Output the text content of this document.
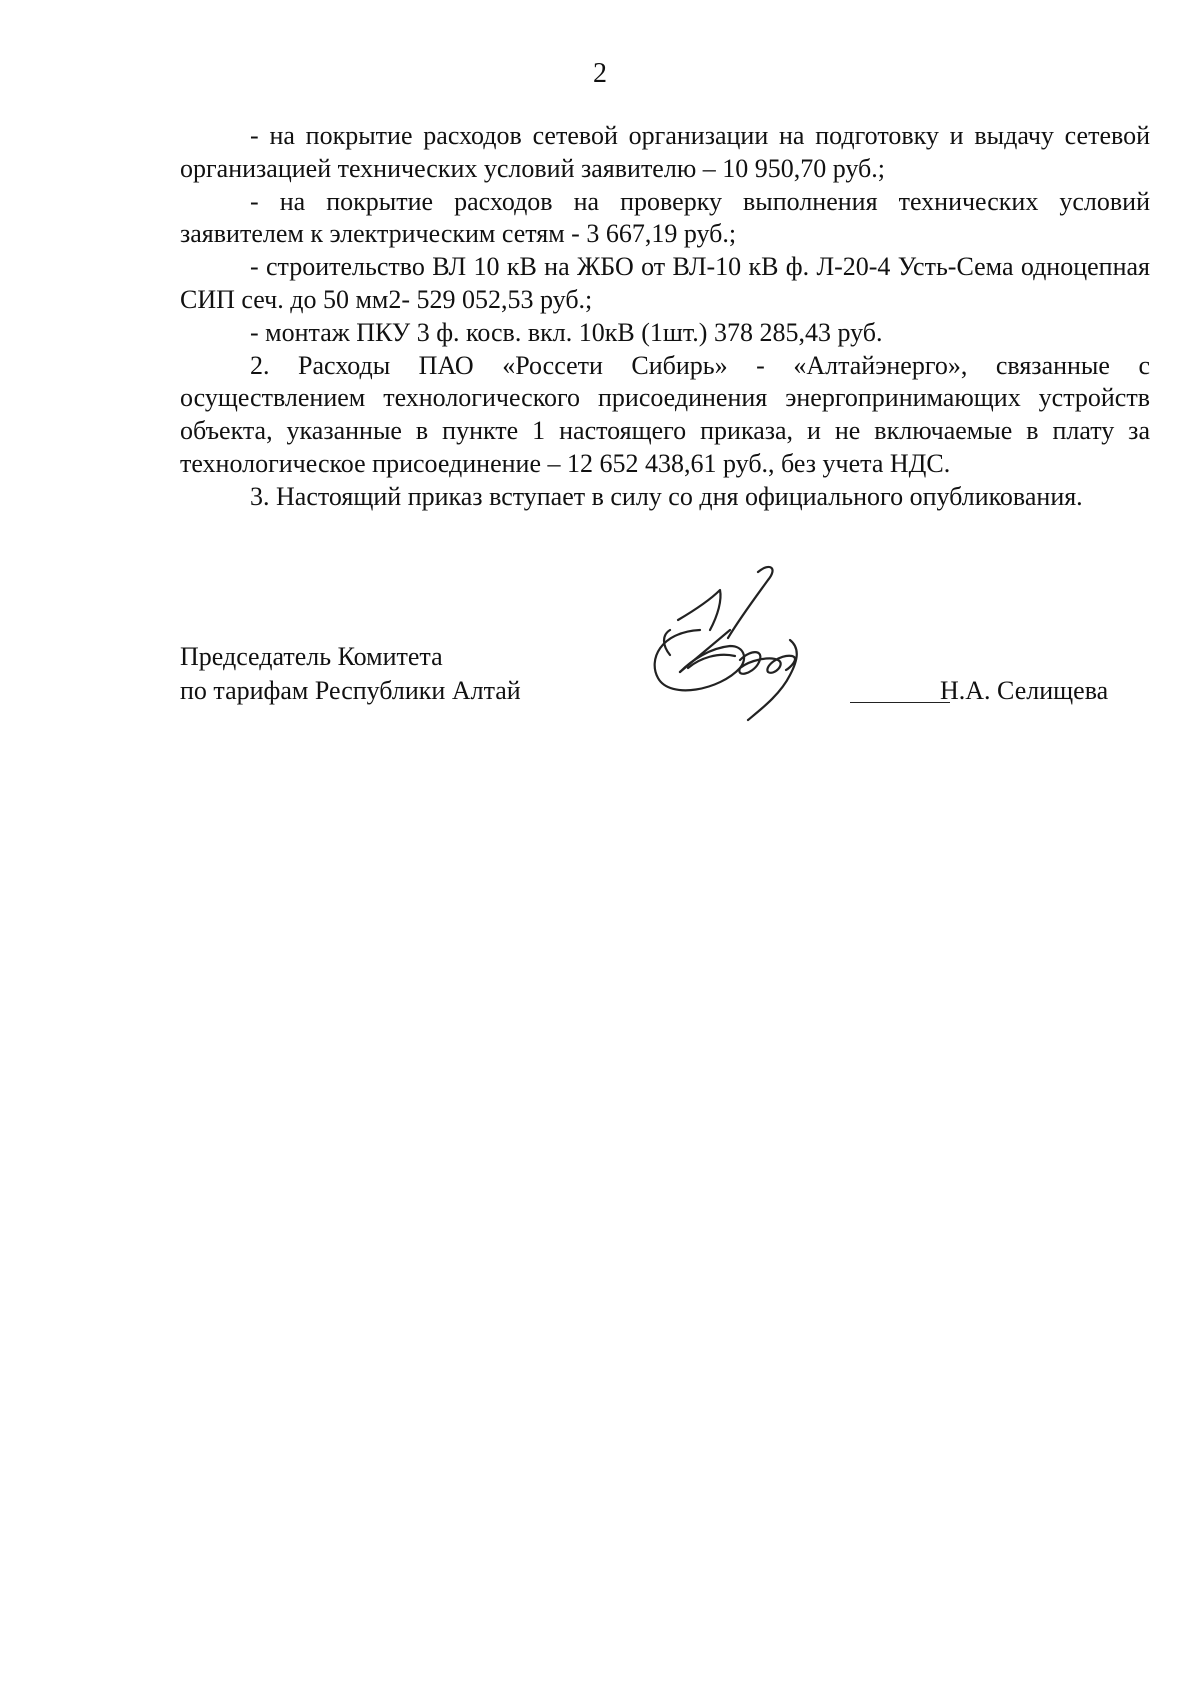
2

- на покрытие расходов сетевой организации на подготовку и выдачу сетевой организацией технических условий заявителю – 10 950,70 руб.;

- на покрытие расходов на проверку выполнения технических условий заявителем к электрическим сетям - 3 667,19 руб.;

- строительство ВЛ 10 кВ на ЖБО от ВЛ-10 кВ ф. Л-20-4 Усть-Сема одноцепная СИП сеч. до 50 мм2- 529 052,53 руб.;

- монтаж ПКУ 3 ф. косв. вкл. 10кВ (1шт.) 378 285,43 руб.

2. Расходы ПАО «Россети Сибирь» - «Алтайэнерго», связанные с осуществлением технологического присоединения энергопринимающих устройств объекта, указанные в пункте 1 настоящего приказа, и не включаемые в плату за технологическое присоединение – 12 652 438,61 руб., без учета НДС.

3. Настоящий приказ вступает в силу со дня официального опубликования.

Председатель Комитета
по тарифам Республики Алтай	Н.А. Селищева
